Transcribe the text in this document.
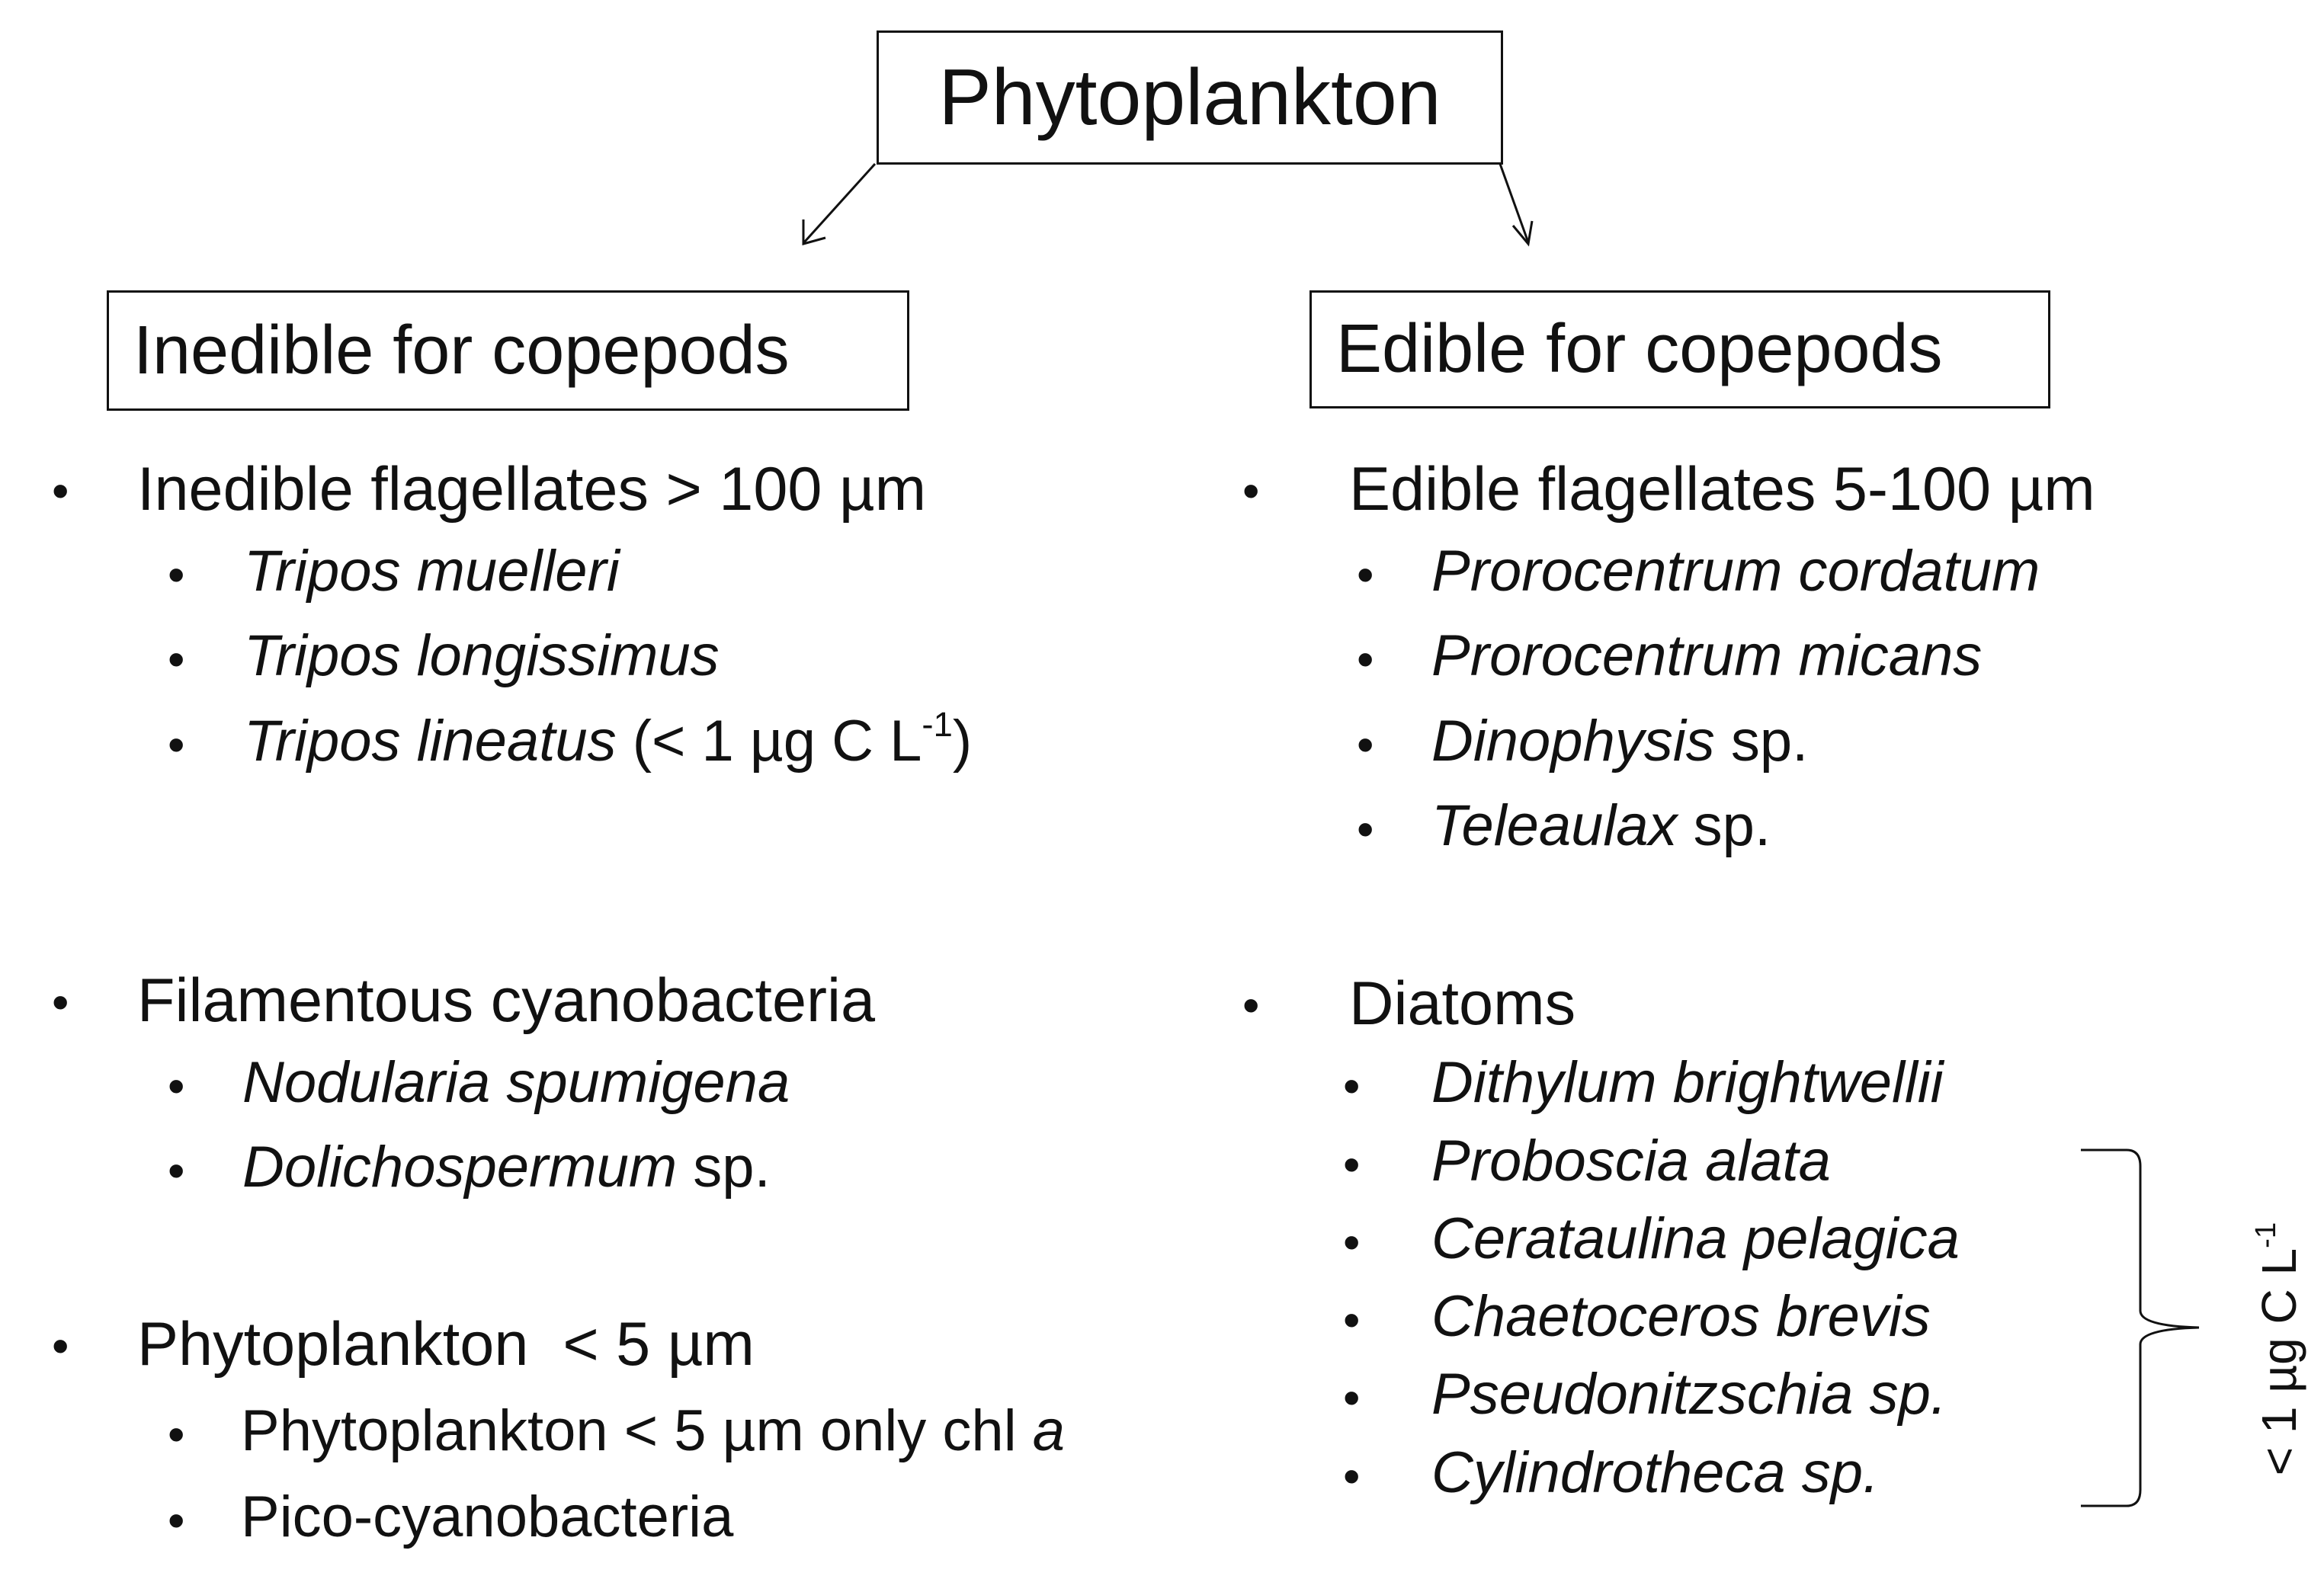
Phytoplankton
Inedible for copepods	Edible for copepods
• Inedible flagellates > 100 µm
• Tripos muelleri
• Tripos longissimus
• Tripos lineatus (< 1 µg C $L^{-1}$)
• Filamentous cyanobacteria
• Nodularia spumigena
• Dolichospermum sp.
• Phytoplankton  < 5 µm
• Phytoplankton < 5 µm only chl a
• Pico-cyanobacteria
• Edible flagellates 5-100 µm
• Prorocentrum cordatum
• Prorocentrum micans
• Dinophysis sp.
• Teleaulax sp.
• Diatoms
• Dithylum brightwellii
• Proboscia alata
• Cerataulina pelagica
• Chaetoceros brevis
• Pseudonitzschia sp.
• Cylindrotheca sp.	< 1 µg C $L^{-1}$
